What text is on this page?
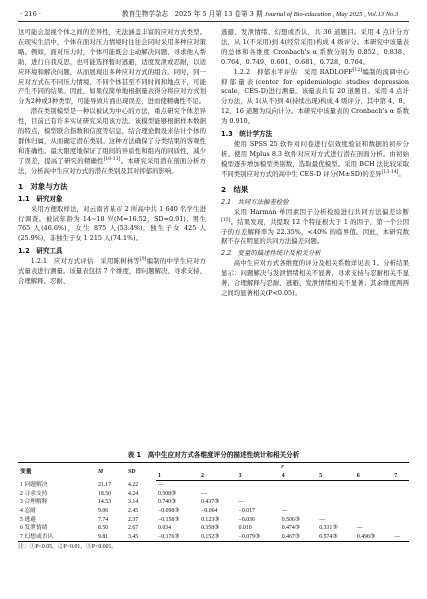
· 216 ·	教育生物学杂志　2025 年 5 月第 13 卷第 3 期 Journal of Bio-education , May 2025 , Vol.13 No.3

这可能会忽视个体之间的差异性，无法涵盖丰富的应对方式类型。在现实生活中，个体在面对压力情境时往往会同时采用多种应对策略。例如，面对压力时，个体可能既会主动解决问题、寻求他人帮助，进行自我反思，也可能选择暂时逃避，适度发泄或忍耐，以适应环境和解决问题，从而展现出多种应对方式的组合。同时，同一应对方式在不同压力情境、不同个体甚至不同时间和地点下，可能产生不同的结果。因此，如果仅简单地根据量表得分将应对方式划分为2种或3种类型，可能导致片面出现误差，进而使精确性不足。

潜在类别模型是一种以被试为中心的方法，重点研究个体差异性，目前已有许多实证研究采用该方法。该模型能够根据样本数据的特点，模型联合指数和信度等信息，结合理论假设来估计个体的群体归属，从而确定潜在类别。这种方法确保了分类结果的客观性和准确性。最大限度地保证了组间的异质性和组内的同质性，减少了误差，提高了研究的精确性[10-11]。本研究采用潜在剖面分析方法，分析高中生应对方式的潜在类别及其对抑郁的影响。

1　对象与方法
1.1　研究对象

采用方便取样法，对云南省某市 2 所高中共 1 640 名学生进行调查。被试年龄为 14~18 岁(M=16.52，SD=0.91)；男生 765 人(46.6%)，女生 875 人(53.4%)；独生子女 425 人(25.9%)，非独生子女 1 215 人(74.1%)。

1.2　研究工具

1.2.1　应对方式评估　采用陈树林等[9]编制的中学生应对方式量表进行测量。该量表包括 7 个维度，即问题解决、寻求支持、合理解释、忍耐、

逃避、发泄情绪、幻想或否认，共 36 道题目。采用 4 点计分方法，从 1(不采用)到 4(经常采用)构成 4 级评分。本研究中该量表的总体和各维度 Cronbach's α 系数分别为 0.852、0.838、0.764、0.749、0.601、0.681、0.728、0.764。

1.2.2　抑郁水平评估　采用 RADLOFF[12]编制的流调中心抑郁量表(center for epidemiologic studies depression scale，CES-D)进行测量。该量表共有 20 道题目。采用 4 点计分方法，从 1(从不)到 4(持续出现)构成 4 级评分，其中第 4、8、12、16 道题为反向计分。本研究中该量表的 Cronbach's α 系数为 0.910。

1.3　统计学方法

使用 SPSS 25 软件对问卷进行信效度验证和数据的初步分析。使用 Mplus 8.3 软件对应对方式进行潜在剖面分析。由初始模型逐步增加模型类别数，选取最优模型。采用 BCH 法比较采取不同类别应对方式的高中生 CES-D 评分(M±SD)的差异[13-14]。

2　结果
2.1　共同方法偏差检验

采用 Harman 单因素因子分析检验进行共同方法偏差诊断[15]。结果发现，共提取 12 个特征根大于 1 的因子，第一个公因子的方差解释率为 22.35%，<40% 的临界值。因此，本研究数据不存在明显的共同方法偏差问题。

2.2　变量的描述性统计及相关分析

高中生应对方式各维度的评分及相关系数详见表 1。分析结果显示：问题解决与发泄情绪相关不显著，寻求支持与忍耐相关不显著，合理解释与忍耐、逃避、发泄情绪相关不显著；其余维度两两之间均显著相关(P<0.05)。

表 1　高中生应对方式各维度评分的描述性统计和相关分析
变量	M	SD	r						
			1	2	3	4	5	6	7
1 问题解决	21.17	4.22	—						
2 寻求支持	18.50	4.24	0.508③	—					
3 合理解释	14.53	3.14	0.740③	0.437③	—				
4 忍耐	9.06	2.45	−0.098③	−0.064	−0.017	—			
5 逃避	7.74	2.37	−0.158③	0.123③	−0.036	0.506③	—		
6 发泄情绪	8.50	2.67	0.034	0.358③	0.010	0.474③	0.331③	—	
7 幻想或否认	9.81	3.45	−0.176③	0.152③	−0.079③	0.467③	0.574③	0.496③	—
注：①P<0.05，②P<0.01，③P<0.001。
